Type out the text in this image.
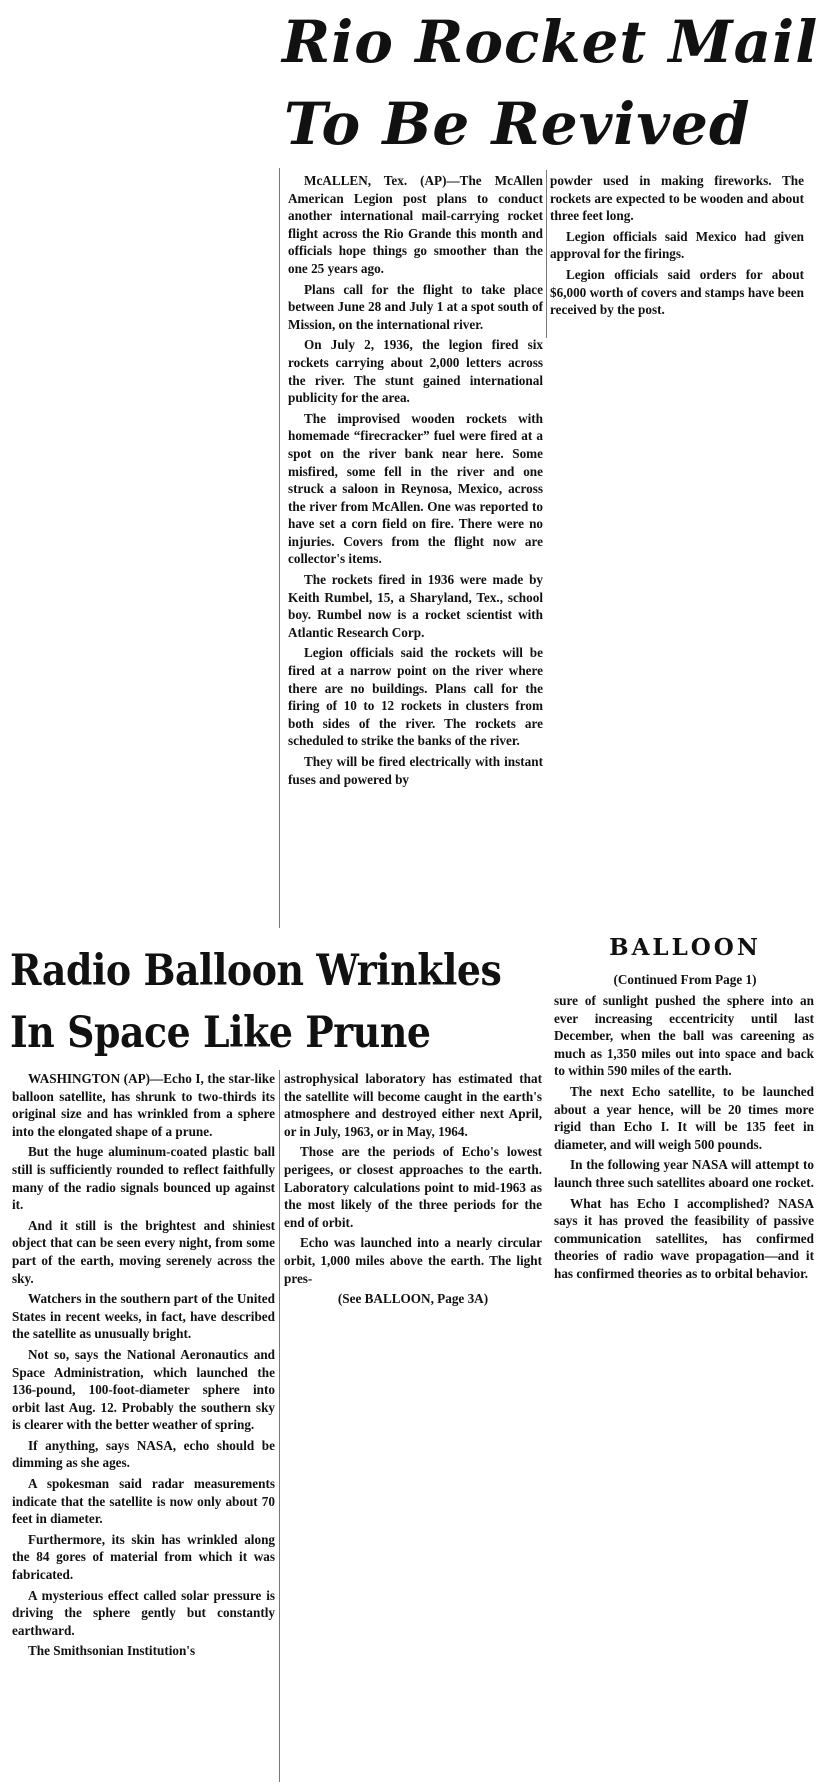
Rio Rocket Mail
To Be Revived

McALLEN, Tex. (AP)—The McAllen American Legion post plans to conduct another international mail-carrying rocket flight across the Rio Grande this month and officials hope things go smoother than the one 25 years ago.

Plans call for the flight to take place between June 28 and July 1 at a spot south of Mission, on the international river.

On July 2, 1936, the legion fired six rockets carrying about 2,000 letters across the river. The stunt gained international publicity for the area.

The improvised wooden rockets with homemade “firecracker” fuel were fired at a spot on the river bank near here. Some misfired, some fell in the river and one struck a saloon in Reynosa, Mexico, across the river from McAllen. One was reported to have set a corn field on fire. There were no injuries. Covers from the flight now are collector's items.

The rockets fired in 1936 were made by Keith Rumbel, 15, a Sharyland, Tex., school boy. Rumbel now is a rocket scientist with Atlantic Research Corp.

Legion officials said the rockets will be fired at a narrow point on the river where there are no buildings. Plans call for the firing of 10 to 12 rockets in clusters from both sides of the river. The rockets are scheduled to strike the banks of the river.

They will be fired electrically with instant fuses and powered by

powder used in making fireworks. The rockets are expected to be wooden and about three feet long.

Legion officials said Mexico had given approval for the firings.

Legion officials said orders for about $6,000 worth of covers and stamps have been received by the post.

Radio Balloon Wrinkles
In Space Like Prune

WASHINGTON (AP)—Echo I, the star-like balloon satellite, has shrunk to two-thirds its original size and has wrinkled from a sphere into the elongated shape of a prune.

But the huge aluminum-coated plastic ball still is sufficiently rounded to reflect faithfully many of the radio signals bounced up against it.

And it still is the brightest and shiniest object that can be seen every night, from some part of the earth, moving serenely across the sky.

Watchers in the southern part of the United States in recent weeks, in fact, have described the satellite as unusually bright.

Not so, says the National Aeronautics and Space Administration, which launched the 136-pound, 100-foot-diameter sphere into orbit last Aug. 12. Probably the southern sky is clearer with the better weather of spring.

If anything, says NASA, echo should be dimming as she ages.

A spokesman said radar measurements indicate that the satellite is now only about 70 feet in diameter.

Furthermore, its skin has wrinkled along the 84 gores of material from which it was fabricated.

A mysterious effect called solar pressure is driving the sphere gently but constantly earthward.

The Smithsonian Institution's

astrophysical laboratory has estimated that the satellite will become caught in the earth's atmosphere and destroyed either next April, or in July, 1963, or in May, 1964.

Those are the periods of Echo's lowest perigees, or closest approaches to the earth. Laboratory calculations point to mid-1963 as the most likely of the three periods for the end of orbit.

Echo was launched into a nearly circular orbit, 1,000 miles above the earth. The light pres-

(See BALLOON, Page 3A)

BALLOON
(Continued From Page 1)

sure of sunlight pushed the sphere into an ever increasing eccentricity until last December, when the ball was careening as much as 1,350 miles out into space and back to within 590 miles of the earth.

The next Echo satellite, to be launched about a year hence, will be 20 times more rigid than Echo I. It will be 135 feet in diameter, and will weigh 500 pounds.

In the following year NASA will attempt to launch three such satellites aboard one rocket.

What has Echo I accomplished? NASA says it has proved the feasibility of passive communication satellites, has confirmed theories of radio wave propagation—and it has confirmed theories as to orbital behavior.
